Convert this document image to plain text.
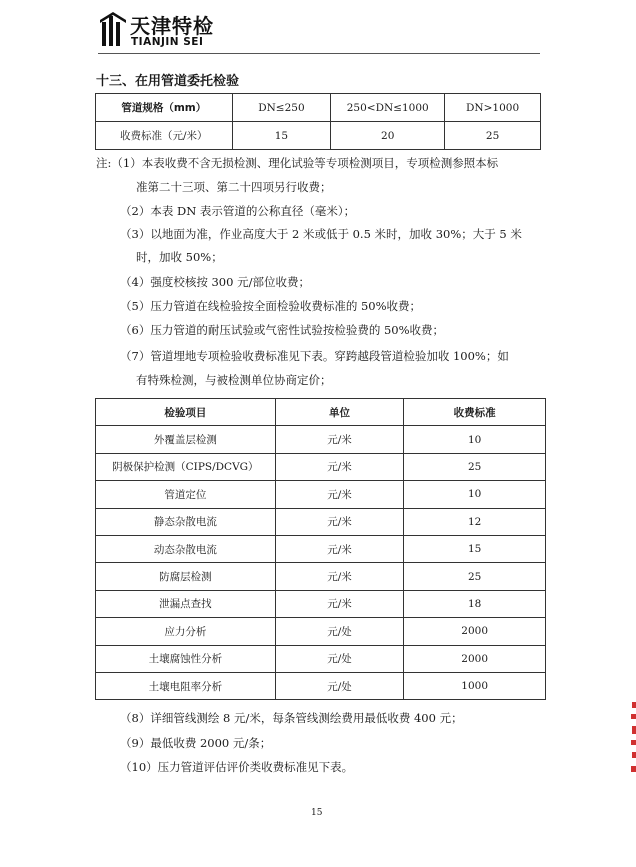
天津特检
TIANJIN SEI
十三、在用管道委托检验
管道规格（mm）	DN≤250	250<DN≤1000	DN>1000
收费标准（元/米）	15	20	25
注:（1）本表收费不含无损检测、理化试验等专项检测项目，专项检测参照本标
准第二十三项、第二十四项另行收费；
（2）本表 DN 表示管道的公称直径（毫米）；
（3）以地面为准，作业高度大于 2 米或低于 0.5 米时，加收 30%；大于 5 米
时，加收 50%；
（4）强度校核按 300 元/部位收费；
（5）压力管道在线检验按全面检验收费标准的 50%收费；
（6）压力管道的耐压试验或气密性试验按检验费的 50%收费；
（7）管道埋地专项检验收费标准见下表。穿跨越段管道检验加收 100%；如
有特殊检测，与被检测单位协商定价；
检验项目	单位	收费标准
外覆盖层检测	元/米	10
阴极保护检测（CIPS/DCVG）	元/米	25
管道定位	元/米	10
静态杂散电流	元/米	12
动态杂散电流	元/米	15
防腐层检测	元/米	25
泄漏点查找	元/米	18
应力分析	元/处	2000
土壤腐蚀性分析	元/处	2000
土壤电阻率分析	元/处	1000
（8）详细管线测绘 8 元/米，每条管线测绘费用最低收费 400 元；
（9）最低收费 2000 元/条；
（10）压力管道评估评价类收费标准见下表。
15
